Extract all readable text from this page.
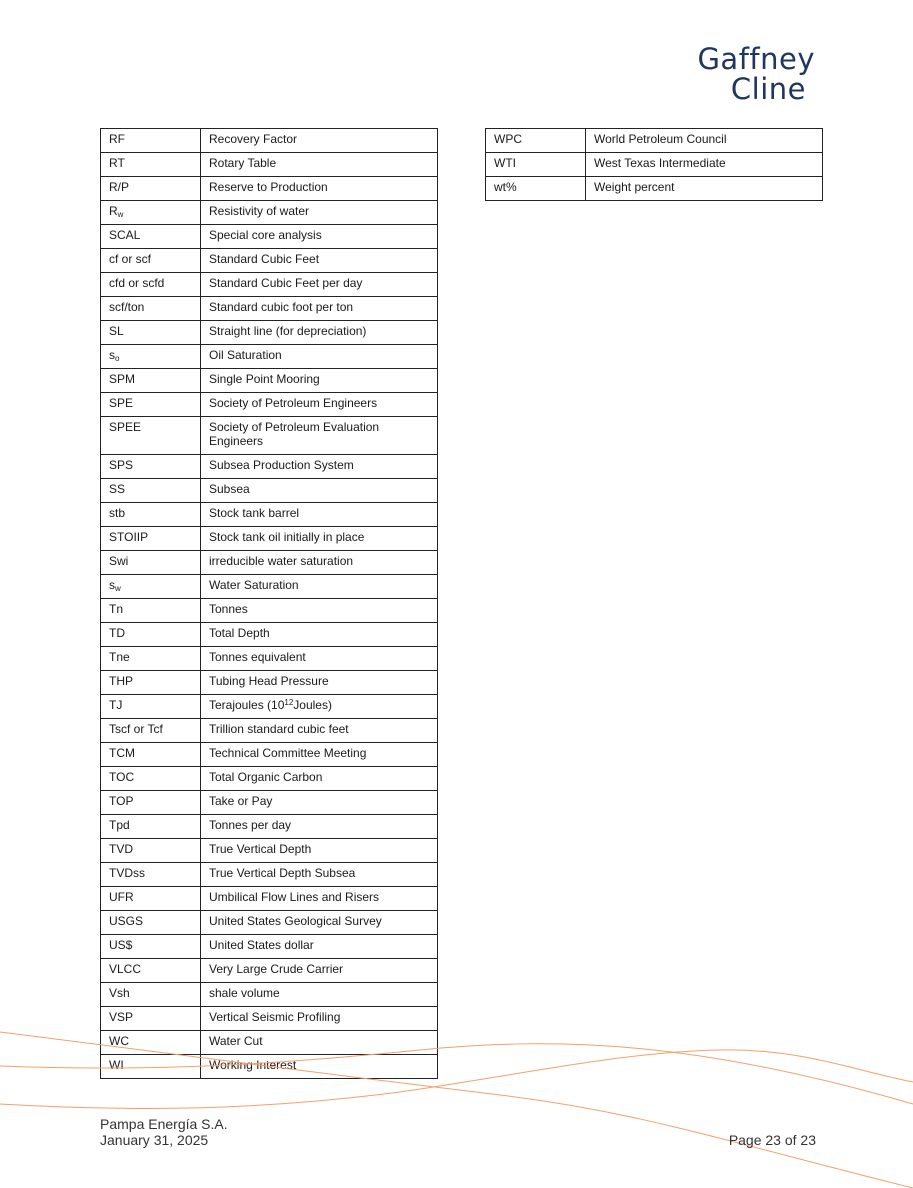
Gaffney
Cline
RF	Recovery Factor
RT	Rotary Table
R/P	Reserve to Production
$R_w$	Resistivity of water
SCAL	Special core analysis
cf or scf	Standard Cubic Feet
cfd or scfd	Standard Cubic Feet per day
scf/ton	Standard cubic foot per ton
SL	Straight line (for depreciation)
$s_o$	Oil Saturation
SPM	Single Point Mooring
SPE	Society of Petroleum Engineers
SPEE	Society of Petroleum Evaluation Engineers
SPS	Subsea Production System
SS	Subsea
stb	Stock tank barrel
STOIIP	Stock tank oil initially in place
Swi	irreducible water saturation
$s_w$	Water Saturation
Tn	Tonnes
TD	Total Depth
Tne	Tonnes equivalent
THP	Tubing Head Pressure
TJ	Terajoules $(10^{12}Joules)$
Tscf or Tcf	Trillion standard cubic feet
TCM	Technical Committee Meeting
TOC	Total Organic Carbon
TOP	Take or Pay
Tpd	Tonnes per day
TVD	True Vertical Depth
TVDss	True Vertical Depth Subsea
UFR	Umbilical Flow Lines and Risers
USGS	United States Geological Survey
US$	United States dollar
VLCC	Very Large Crude Carrier
Vsh	shale volume
VSP	Vertical Seismic Profiling
WC	Water Cut
WI	Working Interest
WPC	World Petroleum Council
WTI	West Texas Intermediate
wt%	Weight percent
Pampa Energía S.A.
January 31, 2025	Page 23 of 23
